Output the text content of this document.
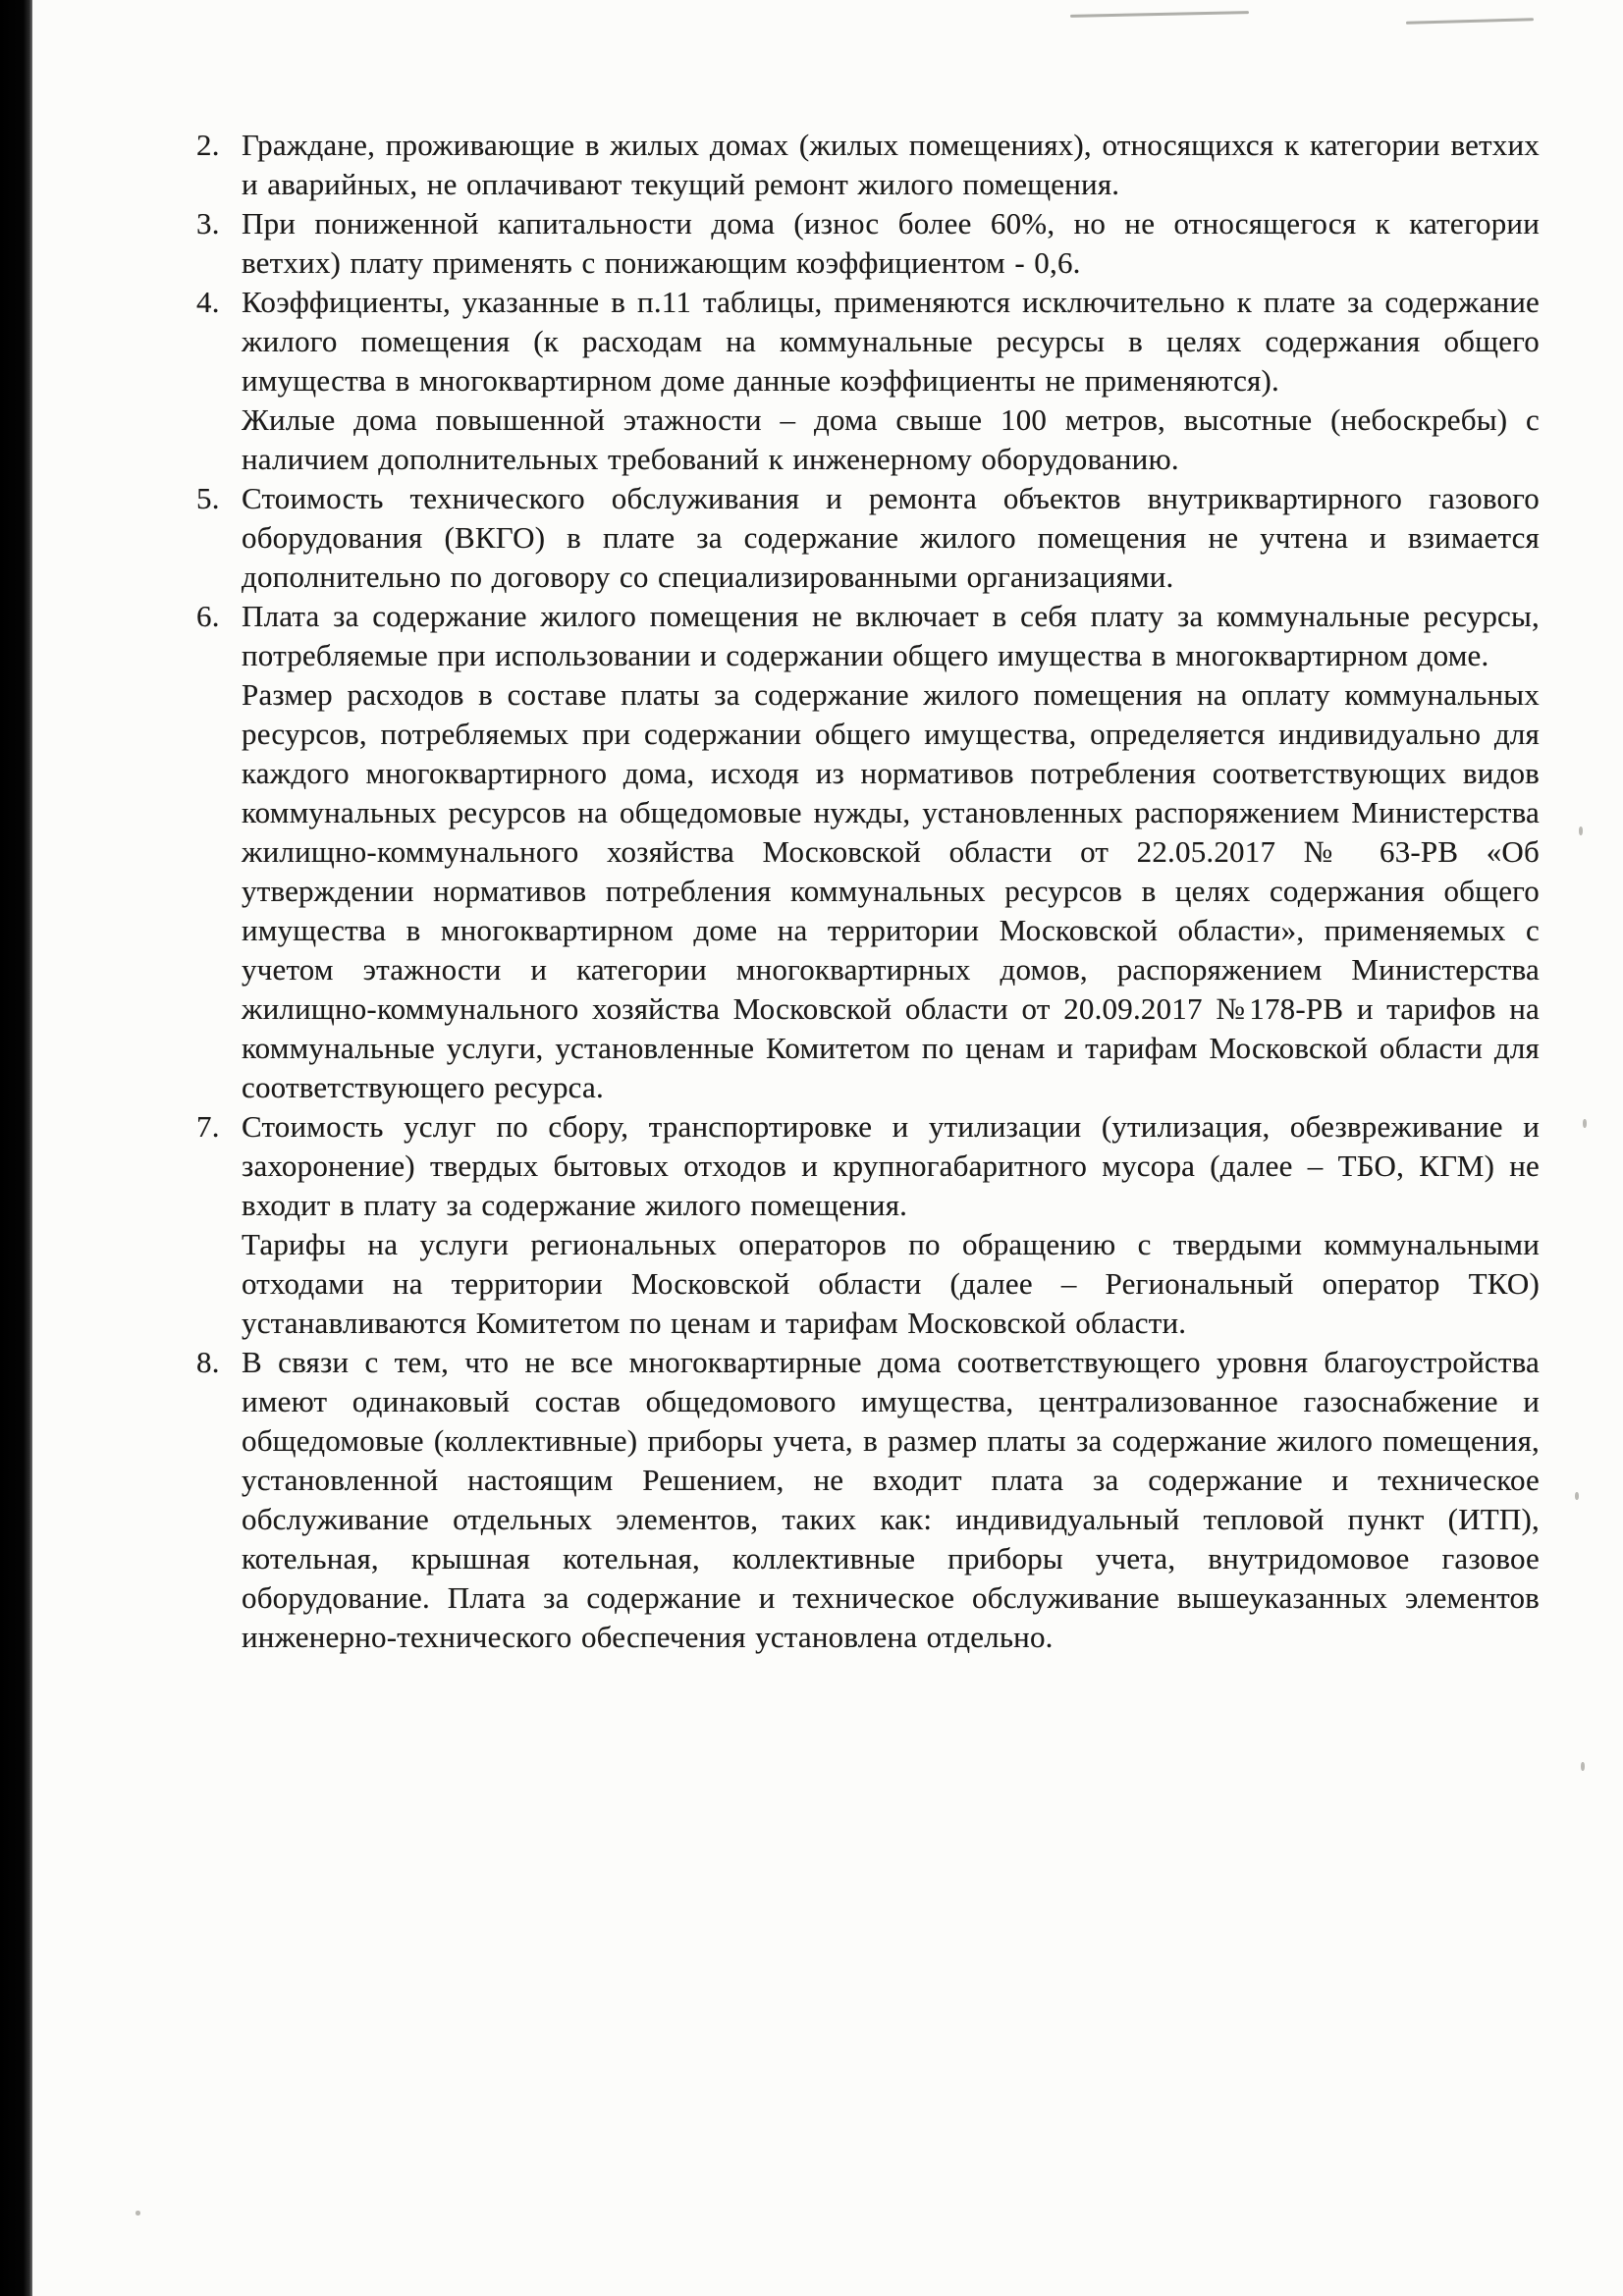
2. Граждане, проживающие в жилых домах (жилых помещениях), относящихся к категории ветхих и аварийных, не оплачивают текущий ремонт жилого помещения.

3. При пониженной капитальности дома (износ более 60%, но не относящегося к категории ветхих) плату применять с понижающим коэффициентом - 0,6.

4. Коэффициенты, указанные в п.11 таблицы, применяются исключительно к плате за содержание жилого помещения (к расходам на коммунальные ресурсы в целях содержания общего имущества в многоквартирном доме данные коэффициенты не применяются).

Жилые дома повышенной этажности – дома свыше 100 метров, высотные (небоскребы) с наличием дополнительных требований к инженерному оборудованию.

5. Стоимость технического обслуживания и ремонта объектов внутриквартирного газового оборудования (ВКГО) в плате за содержание жилого помещения не учтена и взимается дополнительно по договору со специализированными организациями.

6. Плата за содержание жилого помещения не включает в себя плату за коммунальные ресурсы, потребляемые при использовании и содержании общего имущества в многоквартирном доме.

Размер расходов в составе платы за содержание жилого помещения на оплату коммунальных ресурсов, потребляемых при содержании общего имущества, определяется индивидуально для каждого многоквартирного дома, исходя из нормативов потребления соответствующих видов коммунальных ресурсов на общедомовые нужды, установленных распоряжением Министерства жилищно-коммунального хозяйства Московской области от 22.05.2017 № 63-РВ «Об утверждении нормативов потребления коммунальных ресурсов в целях содержания общего имущества в многоквартирном доме на территории Московской области», применяемых с учетом этажности и категории многоквартирных домов, распоряжением Министерства жилищно-коммунального хозяйства Московской области от 20.09.2017 №178-РВ и тарифов на коммунальные услуги, установленные Комитетом по ценам и тарифам Московской области для соответствующего ресурса.

7. Стоимость услуг по сбору, транспортировке и утилизации (утилизация, обезвреживание и захоронение) твердых бытовых отходов и крупногабаритного мусора (далее – ТБО, КГМ) не входит в плату за содержание жилого помещения.

Тарифы на услуги региональных операторов по обращению с твердыми коммунальными отходами на территории Московской области (далее – Региональный оператор ТКО) устанавливаются Комитетом по ценам и тарифам Московской области.

8. В связи с тем, что не все многоквартирные дома соответствующего уровня благоустройства имеют одинаковый состав общедомового имущества, централизованное газоснабжение и общедомовые (коллективные) приборы учета, в размер платы за содержание жилого помещения, установленной настоящим Решением, не входит плата за содержание и техническое обслуживание отдельных элементов, таких как: индивидуальный тепловой пункт (ИТП), котельная, крышная котельная, коллективные приборы учета, внутридомовое газовое оборудование. Плата за содержание и техническое обслуживание вышеуказанных элементов инженерно-технического обеспечения установлена отдельно.
